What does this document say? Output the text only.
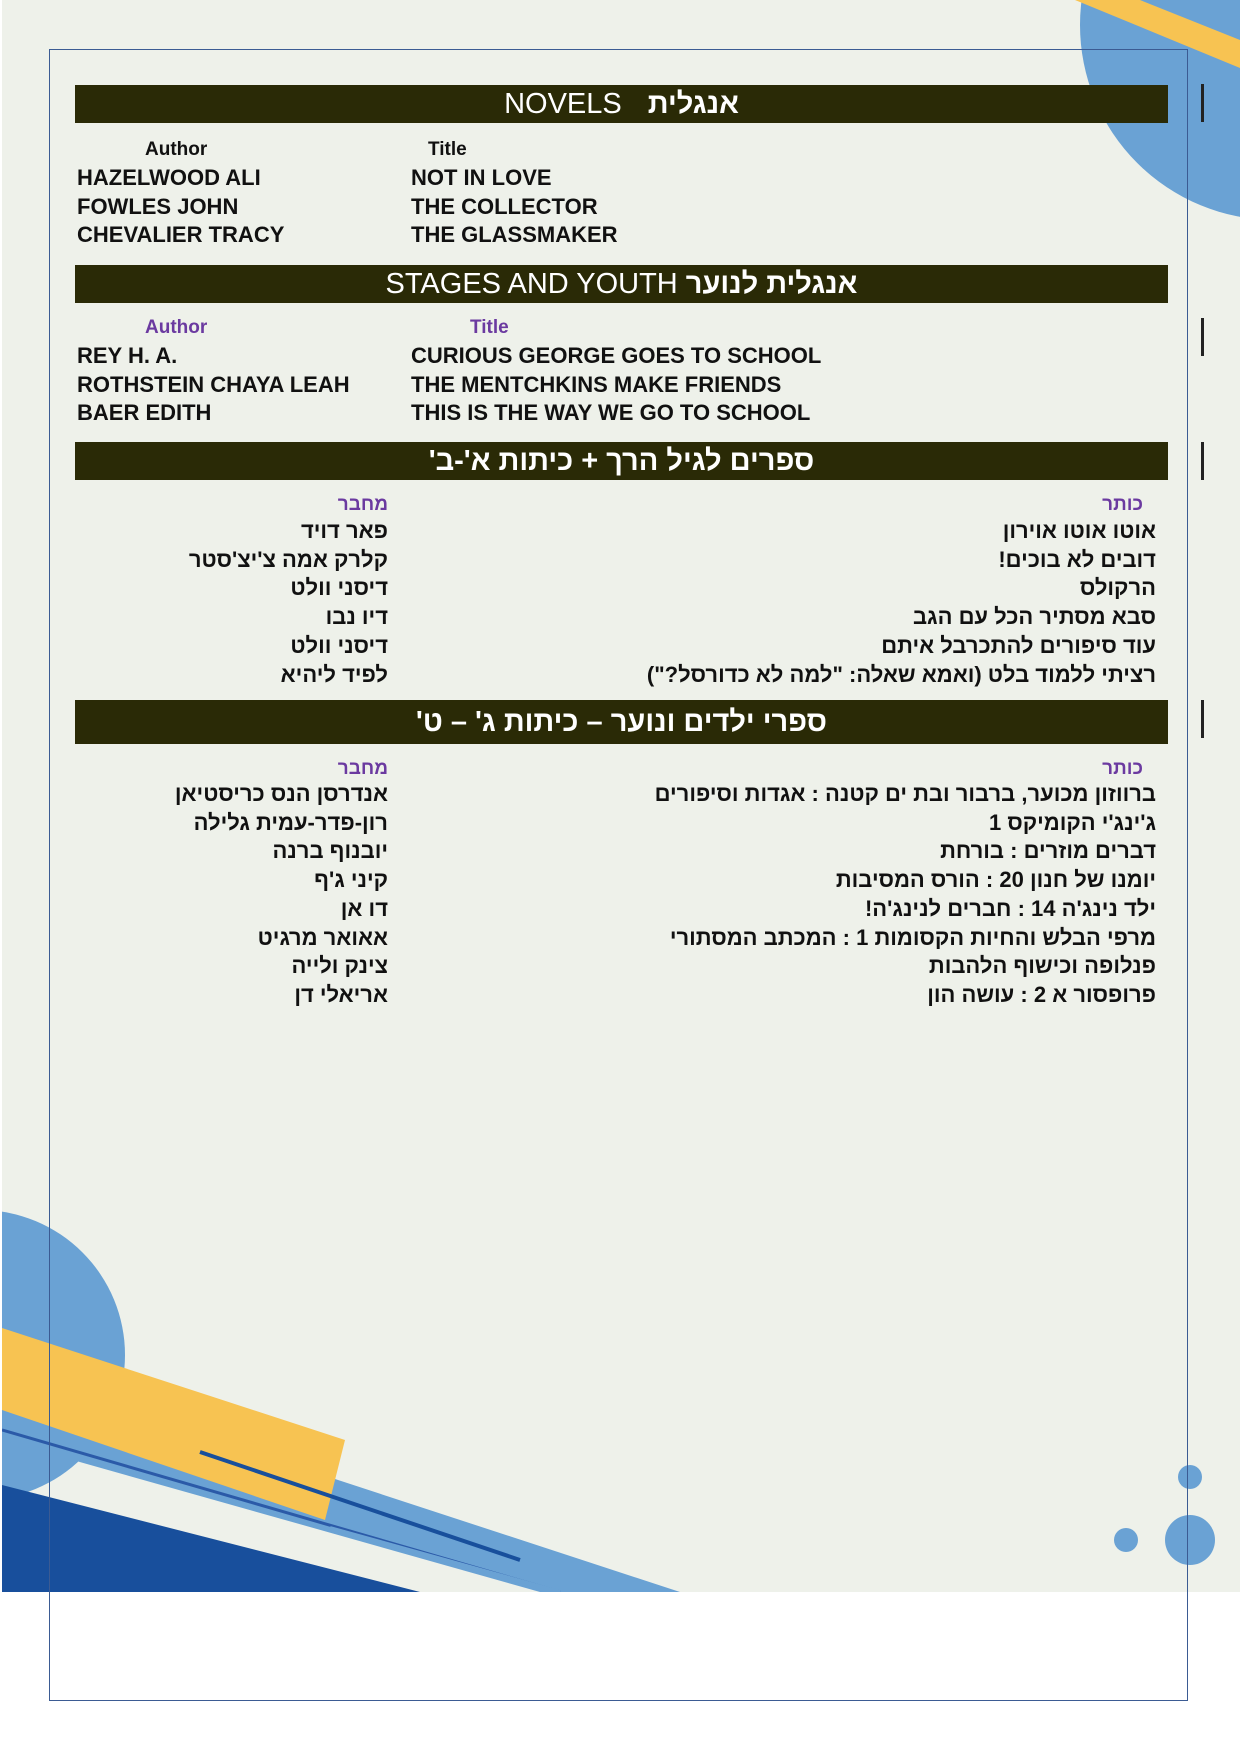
NOVELS אנגלית
Author	Title
HAZELWOOD ALI
FOWLES JOHN
CHEVALIER TRACY
NOT IN LOVE
THE COLLECTOR
THE GLASSMAKER
STAGES AND YOUTH אנגלית לנוער
Author	Title
REY H. A.
ROTHSTEIN CHAYA LEAH
BAER EDITH
CURIOUS GEORGE GOES TO SCHOOL
THE MENTCHKINS MAKE FRIENDS
THIS IS THE WAY WE GO TO SCHOOL
ספרים לגיל הרך + כיתות א'-ב'
כותר
מחבר
אוטו אוטו אוירון
דובים לא בוכים!
הרקולס
סבא מסתיר הכל עם הגב
עוד סיפורים להתכרבל איתם
רציתי ללמוד בלט (ואמא שאלה: "למה לא כדורסל?")
פאר דויד
קלרק אמה צ'יצ'סטר
דיסני וולט
דיו נבו
דיסני וולט
לפיד ליהיא
ספרי ילדים ונוער – כיתות ג' – ט'
כותר
מחבר
ברווזון מכוער, ברבור ובת ים קטנה : אגדות וסיפורים
ג'ינג'י הקומיקס 1
דברים מוזרים : בורחת
יומנו של חנון 20 : הורס המסיבות
ילד נינג'ה 14 : חברים לנינג'ה!
מרפי הבלש והחיות הקסומות 1 : המכתב המסתורי
פנלופה וכישוף הלהבות
פרופסור א 2 : עושה הון
אנדרסן הנס כריסטיאן
רון-פדר-עמית גלילה
יובנוף ברנה
קיני ג'ף
דו אן
אאואר מרגיט
צינק ולייה
אריאלי דן
